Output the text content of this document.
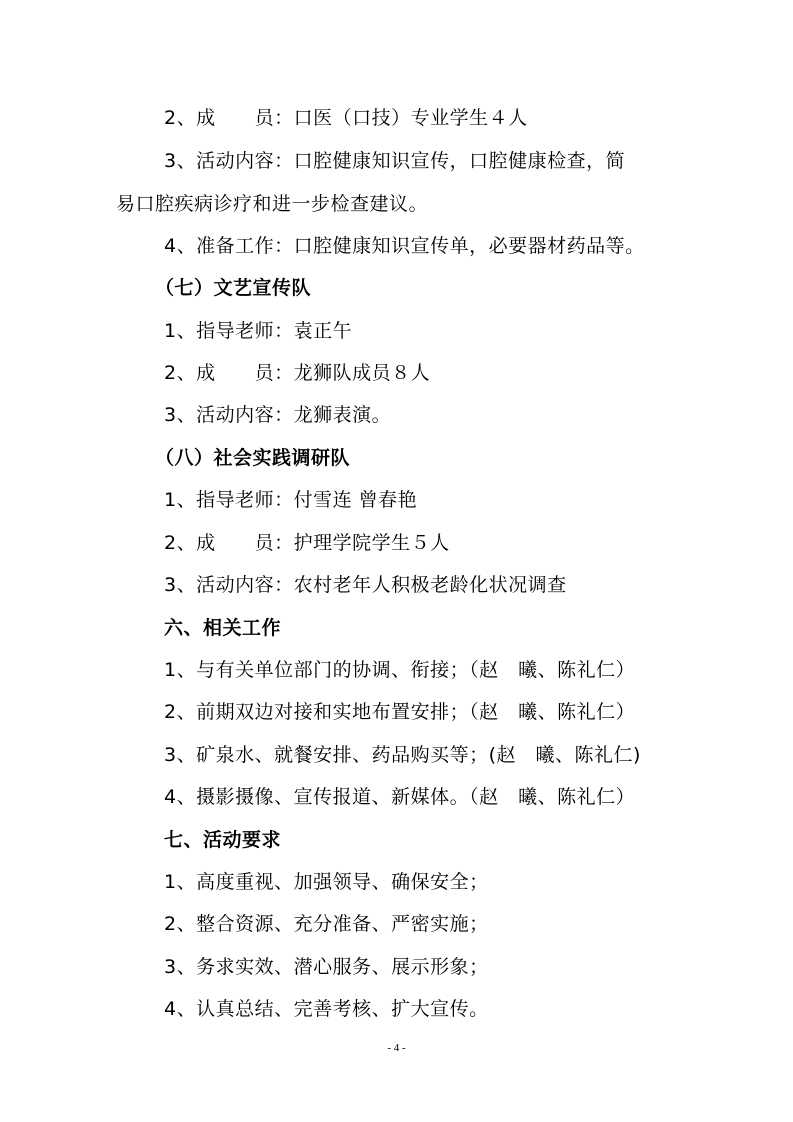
2、成　　员：口医（口技）专业学生４人
3、活动内容：口腔健康知识宣传，口腔健康检查，简
易口腔疾病诊疗和进一步检查建议。
4、准备工作：口腔健康知识宣传单，必要器材药品等。
（七）文艺宣传队
1、指导老师：袁正午
2、成　　员：龙狮队成员８人
3、活动内容：龙狮表演。
（八）社会实践调研队
1、指导老师：付雪连 曾春艳
2、成　　员：护理学院学生５人
3、活动内容：农村老年人积极老龄化状况调查
六、相关工作
1、与有关单位部门的协调、衔接；（赵　曦、陈礼仁）
2、前期双边对接和实地布置安排；（赵　曦、陈礼仁）
3、矿泉水、就餐安排、药品购买等；(赵　曦、陈礼仁)
4、摄影摄像、宣传报道、新媒体。（赵　曦、陈礼仁）
七、活动要求
1、高度重视、加强领导、确保安全；
2、整合资源、充分准备、严密实施；
3、务求实效、潜心服务、展示形象；
4、认真总结、完善考核、扩大宣传。
- 4 -
